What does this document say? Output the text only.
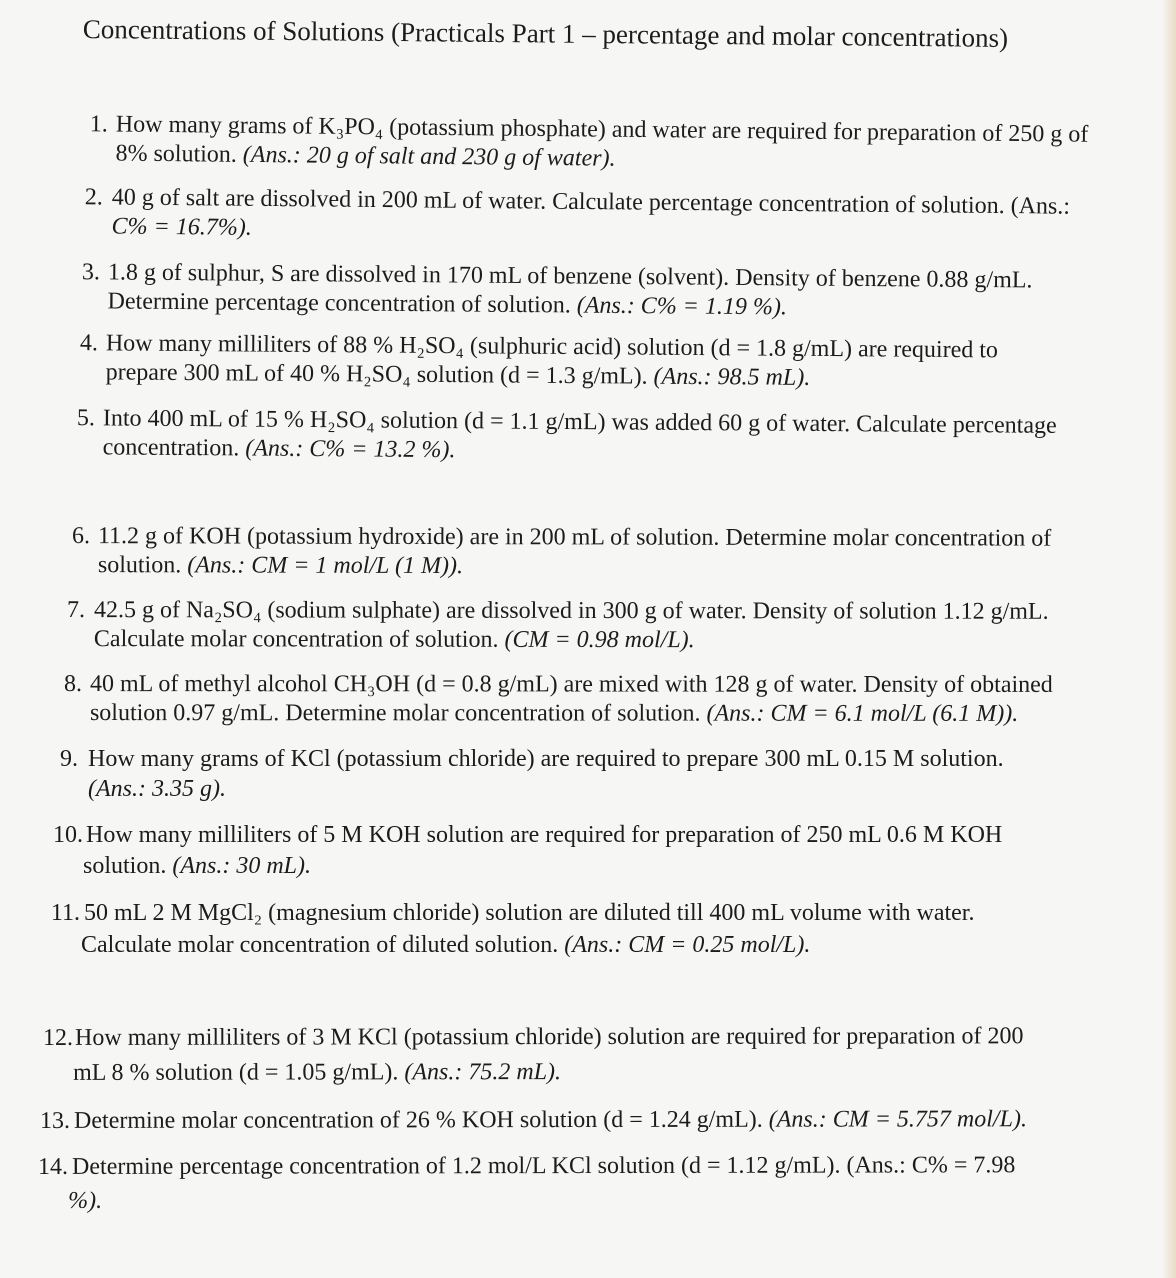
Concentrations of Solutions (Practicals Part 1 – percentage and molar concentrations)
1. How many grams of K₃PO₄ (potassium phosphate) and water are required for preparation of 250 g of
8% solution. (Ans.: 20 g of salt and 230 g of water).
2. 40 g of salt are dissolved in 200 mL of water. Calculate percentage concentration of solution. (Ans.:
C% = 16.7%).
3. 1.8 g of sulphur, S are dissolved in 170 mL of benzene (solvent). Density of benzene 0.88 g/mL.
Determine percentage concentration of solution. (Ans.: C% = 1.19 %).
4. How many milliliters of 88 % H₂SO₄ (sulphuric acid) solution (d = 1.8 g/mL) are required to
prepare 300 mL of 40 % H₂SO₄ solution (d = 1.3 g/mL). (Ans.: 98.5 mL).
5. Into 400 mL of 15 % H₂SO₄ solution (d = 1.1 g/mL) was added 60 g of water. Calculate percentage
concentration. (Ans.: C% = 13.2 %).
6. 11.2 g of KOH (potassium hydroxide) are in 200 mL of solution. Determine molar concentration of
solution. (Ans.: CM = 1 mol/L (1 M)).
7. 42.5 g of Na₂SO₄ (sodium sulphate) are dissolved in 300 g of water. Density of solution 1.12 g/mL.
Calculate molar concentration of solution. (CM = 0.98 mol/L).
8. 40 mL of methyl alcohol CH₃OH (d = 0.8 g/mL) are mixed with 128 g of water. Density of obtained
solution 0.97 g/mL. Determine molar concentration of solution. (Ans.: CM = 6.1 mol/L (6.1 M)).
9. How many grams of KCl (potassium chloride) are required to prepare 300 mL 0.15 M solution.
(Ans.: 3.35 g).
10. How many milliliters of 5 M KOH solution are required for preparation of 250 mL 0.6 M KOH
solution. (Ans.: 30 mL).
11. 50 mL 2 M MgCl₂ (magnesium chloride) solution are diluted till 400 mL volume with water.
Calculate molar concentration of diluted solution. (Ans.: CM = 0.25 mol/L).
12. How many milliliters of 3 M KCl (potassium chloride) solution are required for preparation of 200
mL 8 % solution (d = 1.05 g/mL). (Ans.: 75.2 mL).
13. Determine molar concentration of 26 % KOH solution (d = 1.24 g/mL). (Ans.: CM = 5.757 mol/L).
14. Determine percentage concentration of 1.2 mol/L KCl solution (d = 1.12 g/mL). (Ans.: C% = 7.98
%).
